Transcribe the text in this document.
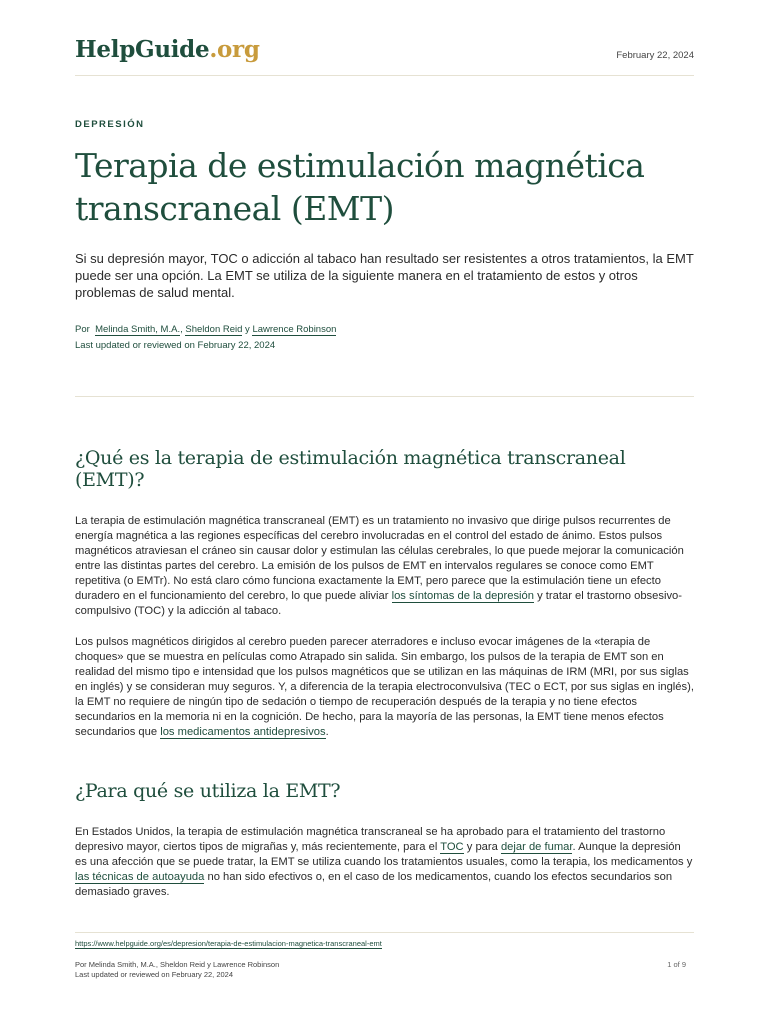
HelpGuide.org	February 22, 2024
DEPRESIÓN
Terapia de estimulación magnética transcraneal (EMT)

Si su depresión mayor, TOC o adicción al tabaco han resultado ser resistentes a otros tratamientos, la EMT puede ser una opción. La EMT se utiliza de la siguiente manera en el tratamiento de estos y otros problemas de salud mental.

Por Melinda Smith, M.A., Sheldon Reid y Lawrence Robinson
Last updated or reviewed on February 22, 2024
¿Qué es la terapia de estimulación magnética transcraneal (EMT)?

La terapia de estimulación magnética transcraneal (EMT) es un tratamiento no invasivo que dirige pulsos recurrentes de energía magnética a las regiones específicas del cerebro involucradas en el control del estado de ánimo. Estos pulsos magnéticos atraviesan el cráneo sin causar dolor y estimulan las células cerebrales, lo que puede mejorar la comunicación entre las distintas partes del cerebro. La emisión de los pulsos de EMT en intervalos regulares se conoce como EMT repetitiva (o EMTr). No está claro cómo funciona exactamente la EMT, pero parece que la estimulación tiene un efecto duradero en el funcionamiento del cerebro, lo que puede aliviar los síntomas de la depresión y tratar el trastorno obsesivo-compulsivo (TOC) y la adicción al tabaco.

Los pulsos magnéticos dirigidos al cerebro pueden parecer aterradores e incluso evocar imágenes de la «terapia de choques» que se muestra en películas como Atrapado sin salida. Sin embargo, los pulsos de la terapia de EMT son en realidad del mismo tipo e intensidad que los pulsos magnéticos que se utilizan en las máquinas de IRM (MRI, por sus siglas en inglés) y se consideran muy seguros. Y, a diferencia de la terapia electroconvulsiva (TEC o ECT, por sus siglas en inglés), la EMT no requiere de ningún tipo de sedación o tiempo de recuperación después de la terapia y no tiene efectos secundarios en la memoria ni en la cognición. De hecho, para la mayoría de las personas, la EMT tiene menos efectos secundarios que los medicamentos antidepresivos.

¿Para qué se utiliza la EMT?

En Estados Unidos, la terapia de estimulación magnética transcraneal se ha aprobado para el tratamiento del trastorno depresivo mayor, ciertos tipos de migrañas y, más recientemente, para el TOC y para dejar de fumar. Aunque la depresión es una afección que se puede tratar, la EMT se utiliza cuando los tratamientos usuales, como la terapia, los medicamentos y las técnicas de autoayuda no han sido efectivos o, en el caso de los medicamentos, cuando los efectos secundarios son demasiado graves.

https://www.helpguide.org/es/depresion/terapia-de-estimulacion-magnetica-transcraneal-emt
Por Melinda Smith, M.A., Sheldon Reid y Lawrence Robinson
Last updated or reviewed on February 22, 2024
1 of 9
